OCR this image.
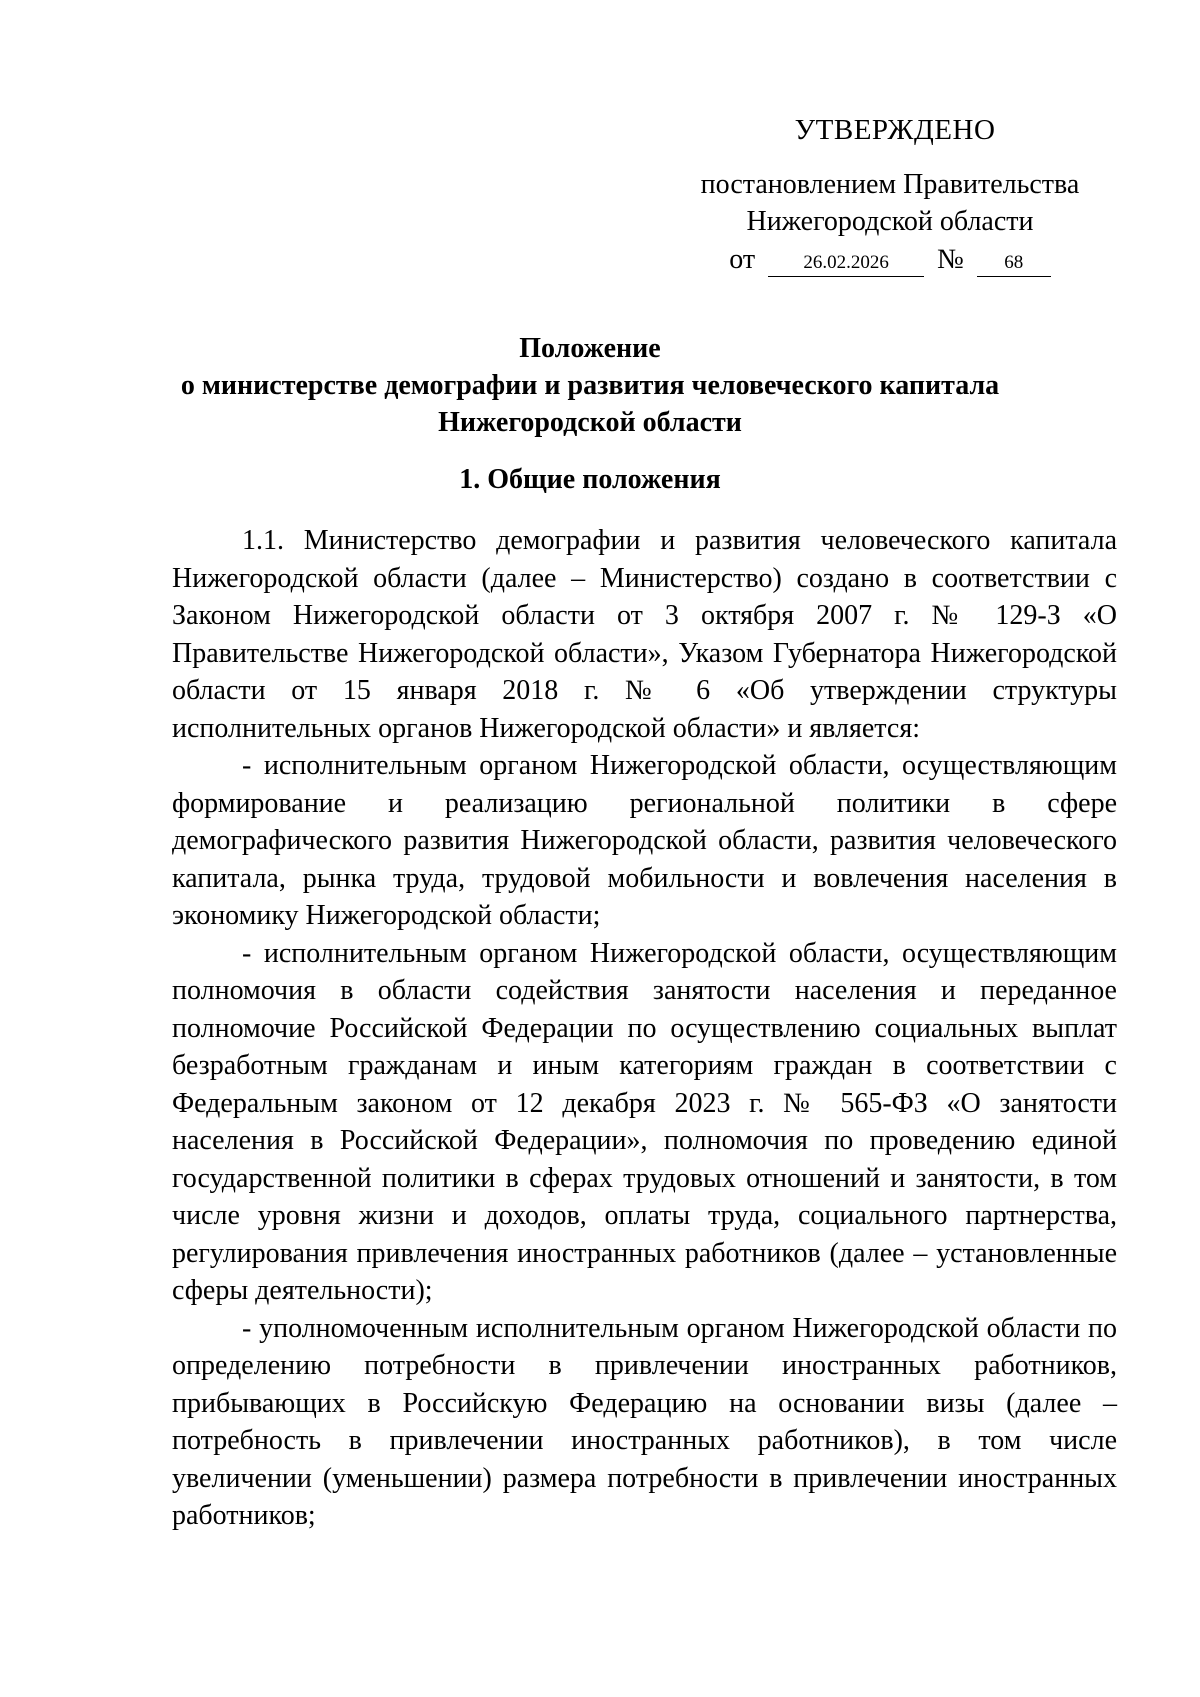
УТВЕРЖДЕНО
постановлением Правительства
Нижегородской области
от	26.02.2026 № 68
Положение
о министерстве демографии и развития человеческого капитала
Нижегородской области
1. Общие положения

1.1. Министерство демографии и развития человеческого капитала Нижегородской области (далее – Министерство) создано в соответствии с Законом Нижегородской области от 3 октября 2007 г. № 129-З «О Правительстве Нижегородской области», Указом Губернатора Нижегородской области от 15 января 2018 г. № 6 «Об утверждении структуры исполнительных органов Нижегородской области» и является:

- исполнительным органом Нижегородской области, осуществляющим формирование и реализацию региональной политики в сфере демографического развития Нижегородской области, развития человеческого капитала, рынка труда, трудовой мобильности и вовлечения населения в экономику Нижегородской области;

- исполнительным органом Нижегородской области, осуществляющим полномочия в области содействия занятости населения и переданное полномочие Российской Федерации по осуществлению социальных выплат безработным гражданам и иным категориям граждан в соответствии с Федеральным законом от 12 декабря 2023 г. № 565-ФЗ «О занятости населения в Российской Федерации», полномочия по проведению единой государственной политики в сферах трудовых отношений и занятости, в том числе уровня жизни и доходов, оплаты труда, социального партнерства, регулирования привлечения иностранных работников (далее – установленные сферы деятельности);

- уполномоченным исполнительным органом Нижегородской области по определению потребности в привлечении иностранных работников, прибывающих в Российскую Федерацию на основании визы (далее – потребность в привлечении иностранных работников), в том числе увеличении (уменьшении) размера потребности в привлечении иностранных работников;
